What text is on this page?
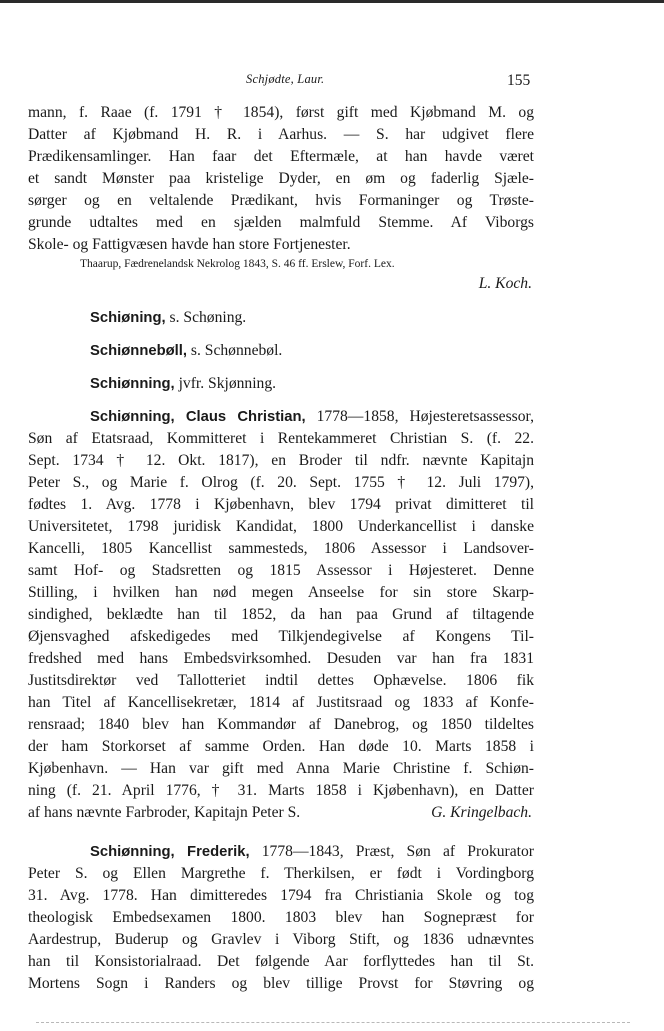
Schjødte, Laur.	155
mann, f. Raae (f. 1791 † 1854), først gift med Kjøbmand M. og
Datter af Kjøbmand H. R. i Aarhus. — S. har udgivet flere
Prædikensamlinger. Han faar det Eftermæle, at han havde været
et sandt Mønster paa kristelige Dyder, en øm og faderlig Sjæle-
sørger og en veltalende Prædikant, hvis Formaninger og Trøste-
grunde udtaltes med en sjælden malmfuld Stemme. Af Viborgs
Skole- og Fattigvæsen havde han store Fortjenester.
Thaarup, Fædrenelandsk Nekrolog 1843, S. 46 ff. Erslew, Forf. Lex.
L. Koch.
Schiøning, s. Schøning.
Schiønnebøll, s. Schønnebøl.
Schiønning, jvfr. Skjønning.
Schiønning, Claus Christian, 1778—1858, Højesteretsassessor,
Søn af Etatsraad, Kommitteret i Rentekammeret Christian S. (f. 22.
Sept. 1734 † 12. Okt. 1817), en Broder til ndfr. nævnte Kapitajn
Peter S., og Marie f. Olrog (f. 20. Sept. 1755 † 12. Juli 1797),
fødtes 1. Avg. 1778 i Kjøbenhavn, blev 1794 privat dimitteret til
Universitetet, 1798 juridisk Kandidat, 1800 Underkancellist i danske
Kancelli, 1805 Kancellist sammesteds, 1806 Assessor i Landsover-
samt Hof- og Stadsretten og 1815 Assessor i Højesteret. Denne
Stilling, i hvilken han nød megen Anseelse for sin store Skarp-
sindighed, beklædte han til 1852, da han paa Grund af tiltagende
Øjensvaghed afskedigedes med Tilkjendegivelse af Kongens Til-
fredshed med hans Embedsvirksomhed. Desuden var han fra 1831
Justitsdirektør ved Tallotteriet indtil dettes Ophævelse. 1806 fik
han Titel af Kancellisekretær, 1814 af Justitsraad og 1833 af Konfe-
rensraad; 1840 blev han Kommandør af Danebrog, og 1850 tildeltes
der ham Storkorset af samme Orden. Han døde 10. Marts 1858 i
Kjøbenhavn. — Han var gift med Anna Marie Christine f. Schiøn-
ning (f. 21. April 1776, † 31. Marts 1858 i Kjøbenhavn), en Datter
af hans nævnte Farbroder, Kapitajn Peter S.	G. Kringelbach.
Schiønning, Frederik, 1778—1843, Præst, Søn af Prokurator
Peter S. og Ellen Margrethe f. Therkilsen, er født i Vordingborg
31. Avg. 1778. Han dimitteredes 1794 fra Christiania Skole og tog
theologisk Embedsexamen 1800. 1803 blev han Sognepræst for
Aardestrup, Buderup og Gravlev i Viborg Stift, og 1836 udnævntes
han til Konsistorialraad. Det følgende Aar forflyttedes han til St.
Mortens Sogn i Randers og blev tillige Provst for Støvring og
